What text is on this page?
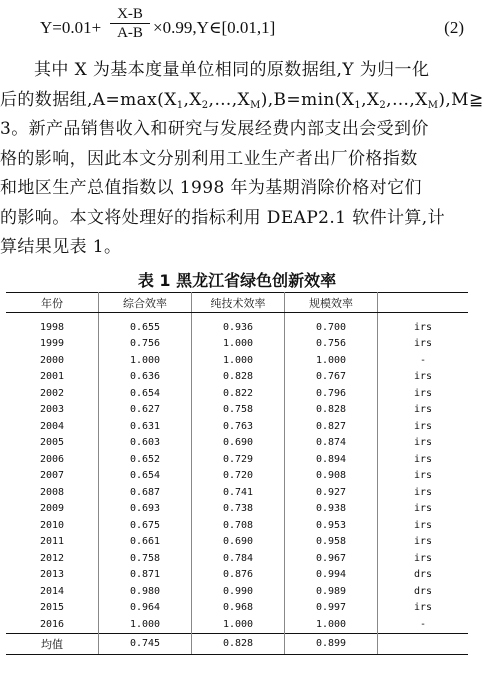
$Y=0.01+ \frac{X-B}{A-B}$ ×0.99,Y∈[0.01,1]	(2)
其中 X 为基本度量单位相同的原数据组,Y 为归一化
后的数据组$,A=\max(X_1,X_2,\dots,X_M),B=\min(X_1,X_2,\dots,X_M),M≧$
3。新产品销售收入和研究与发展经费内部支出会受到价
格的影响，因此本文分别利用工业生产者出厂价格指数
和地区生产总值指数以 1998 年为基期消除价格对它们
的影响。本文将处理好的指标利用 DEAP2.1 软件计算,计
算结果见表 1。
表 1 黑龙江省绿色创新效率
年份	综合效率	纯技术效率	规模效率	
1998	0.655	0.936	0.700	irs
1999	0.756	1.000	0.756	irs
2000	1.000	1.000	1.000	-
2001	0.636	0.828	0.767	irs
2002	0.654	0.822	0.796	irs
2003	0.627	0.758	0.828	irs
2004	0.631	0.763	0.827	irs
2005	0.603	0.690	0.874	irs
2006	0.652	0.729	0.894	irs
2007	0.654	0.720	0.908	irs
2008	0.687	0.741	0.927	irs
2009	0.693	0.738	0.938	irs
2010	0.675	0.708	0.953	irs
2011	0.661	0.690	0.958	irs
2012	0.758	0.784	0.967	irs
2013	0.871	0.876	0.994	drs
2014	0.980	0.990	0.989	drs
2015	0.964	0.968	0.997	irs
2016	1.000	1.000	1.000	-
均值	0.745	0.828	0.899	
